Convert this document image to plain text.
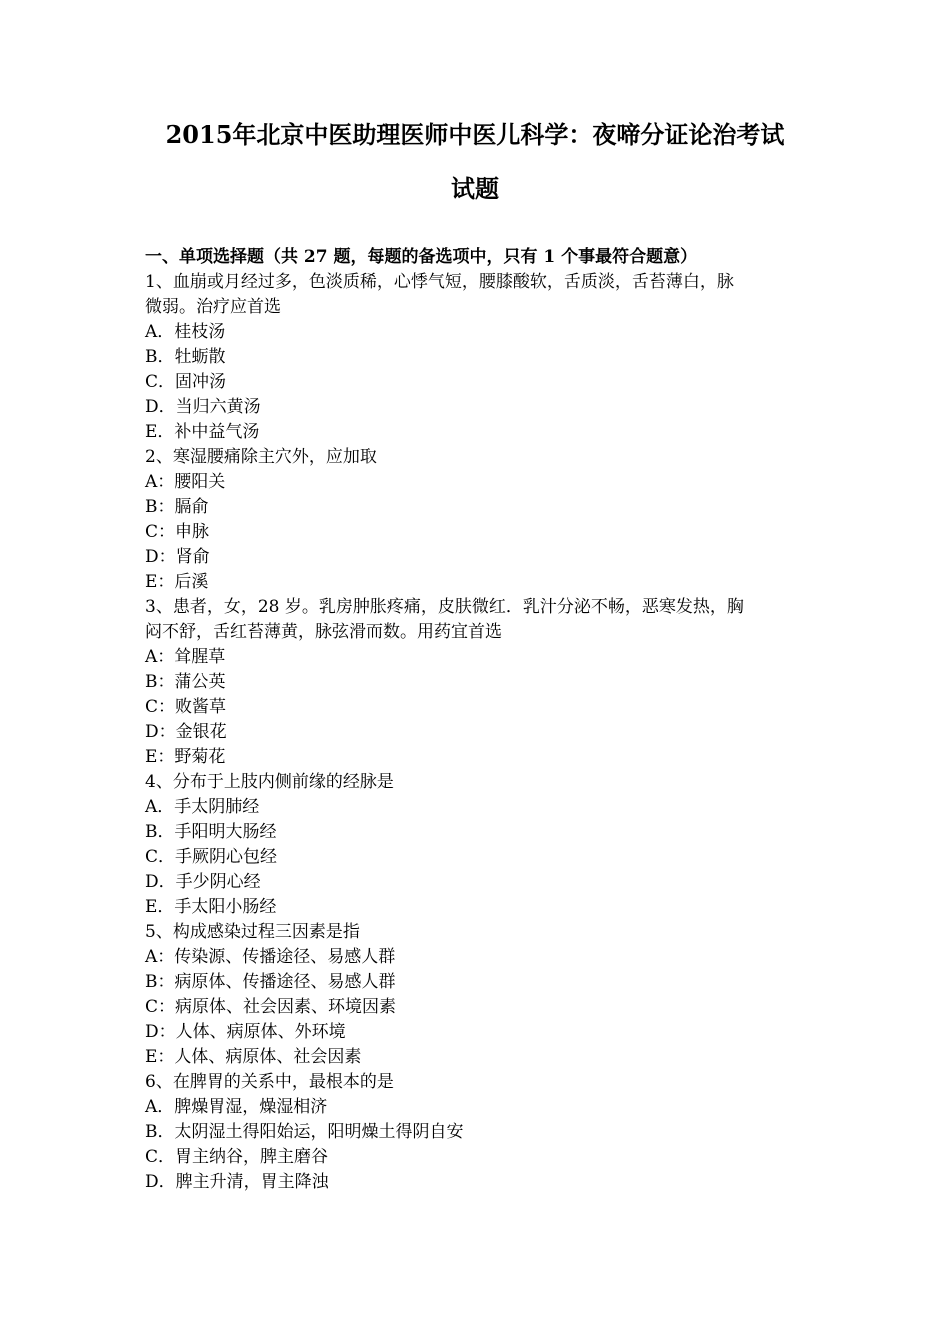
2015年北京中医助理医师中医儿科学：夜啼分证论治考试
试题
一、单项选择题（共 27 题，每题的备选项中，只有 1 个事最符合题意）
1、血崩或月经过多，色淡质稀，心悸气短，腰膝酸软，舌质淡，舌苔薄白，脉
微弱。治疗应首选
A．桂枝汤
B．牡蛎散
C．固冲汤
D．当归六黄汤
E．补中益气汤
2、寒湿腰痛除主穴外，应加取
A：腰阳关
B：膈俞
C：申脉
D：肾俞
E：后溪
3、患者，女，28 岁。乳房肿胀疼痛，皮肤微红．乳汁分泌不畅，恶寒发热，胸
闷不舒，舌红苔薄黄，脉弦滑而数。用药宜首选
A：耸腥草
B：蒲公英
C：败酱草
D：金银花
E：野菊花
4、分布于上肢内侧前缘的经脉是
A．手太阴肺经
B．手阳明大肠经
C．手厥阴心包经
D．手少阴心经
E．手太阳小肠经
5、构成感染过程三因素是指
A：传染源、传播途径、易感人群
B：病原体、传播途径、易感人群
C：病原体、社会因素、环境因素
D：人体、病原体、外环境
E：人体、病原体、社会因素
6、在脾胃的关系中，最根本的是
A．脾燥胃湿，燥湿相济
B．太阴湿土得阳始运，阳明燥土得阴自安
C．胃主纳谷，脾主磨谷
D．脾主升清，胃主降浊
